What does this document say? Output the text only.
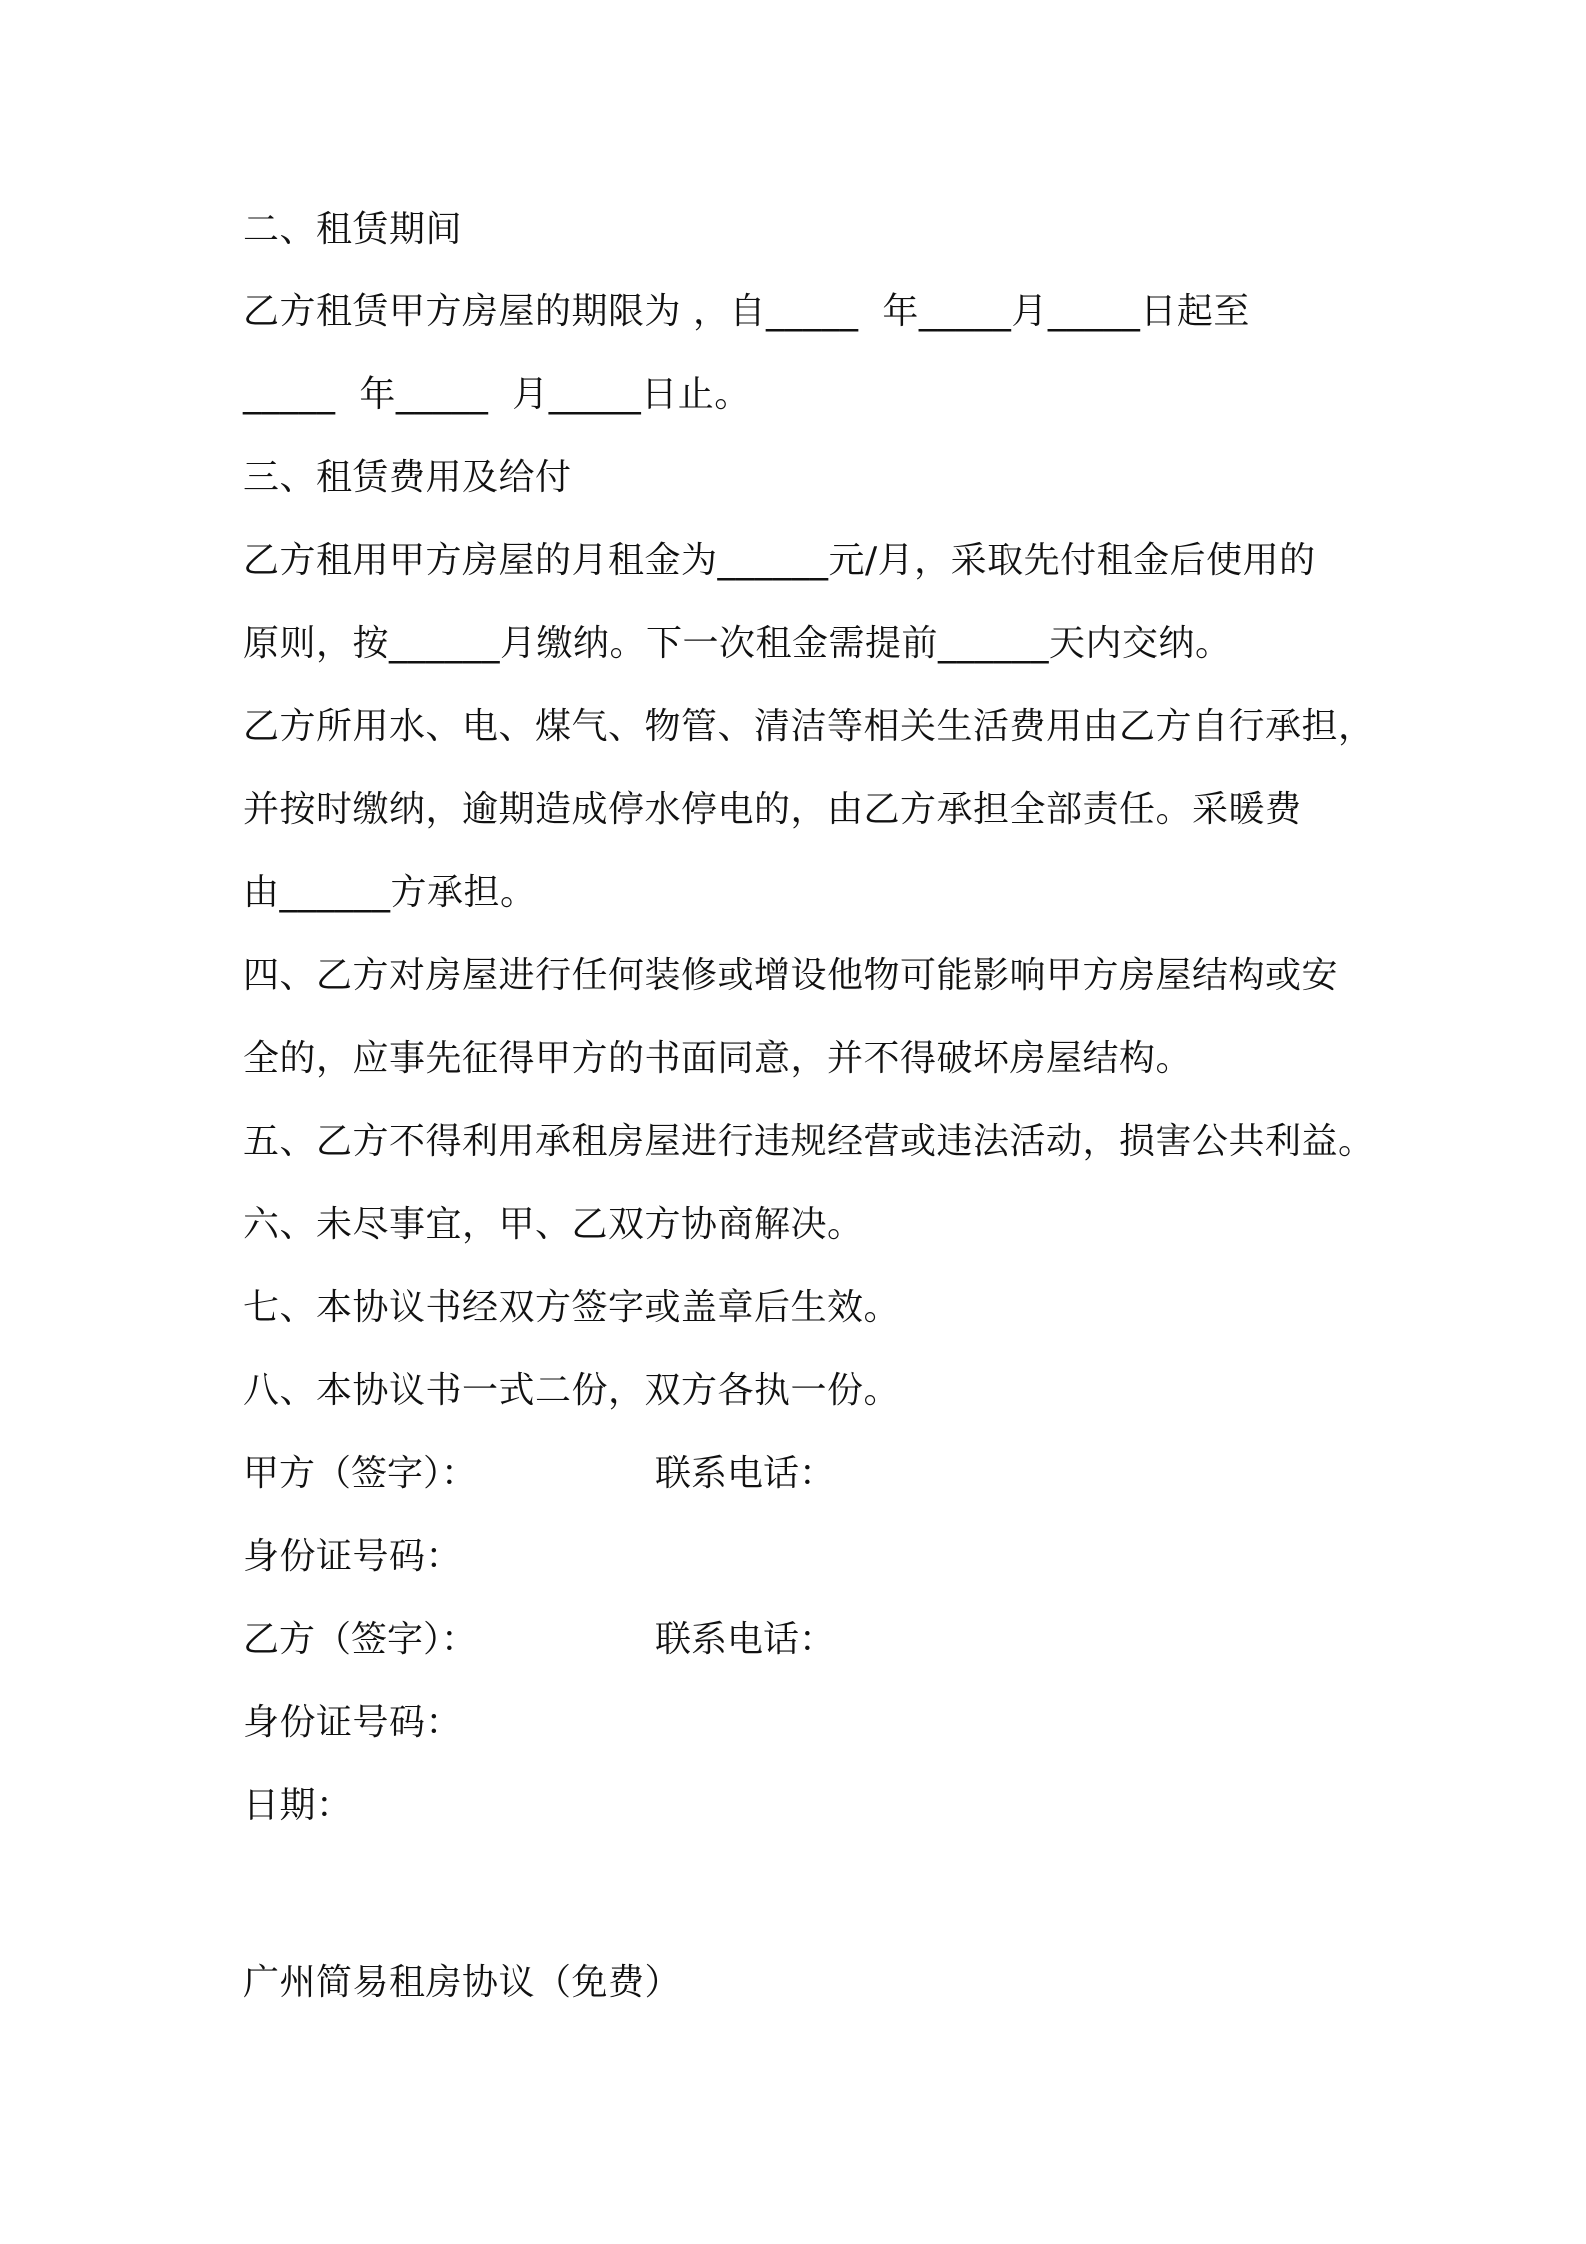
二、租赁期间

乙方租赁甲方房屋的期限为 ，自_____  年_____月_____日起至

_____  年_____  月_____日止。

三、租赁费用及给付

乙方租用甲方房屋的月租金为______元/月，采取先付租金后使用的

原则，按______月缴纳。下一次租金需提前______天内交纳。

乙方所用水、电、煤气、物管、清洁等相关生活费用由乙方自行承担，

并按时缴纳，逾期造成停水停电的，由乙方承担全部责任。采暖费

由______方承担。

四、乙方对房屋进行任何装修或增设他物可能影响甲方房屋结构或安

全的，应事先征得甲方的书面同意，并不得破坏房屋结构。

五、乙方不得利用承租房屋进行违规经营或违法活动，损害公共利益。

六、未尽事宜，甲、乙双方协商解决。

七、本协议书经双方签字或盖章后生效。

八、本协议书一式二份，双方各执一份。

甲方（签字）：

	联系电话：

身份证号码：

乙方（签字）：

	联系电话：

身份证号码：

日期：

广州简易租房协议（免费）
